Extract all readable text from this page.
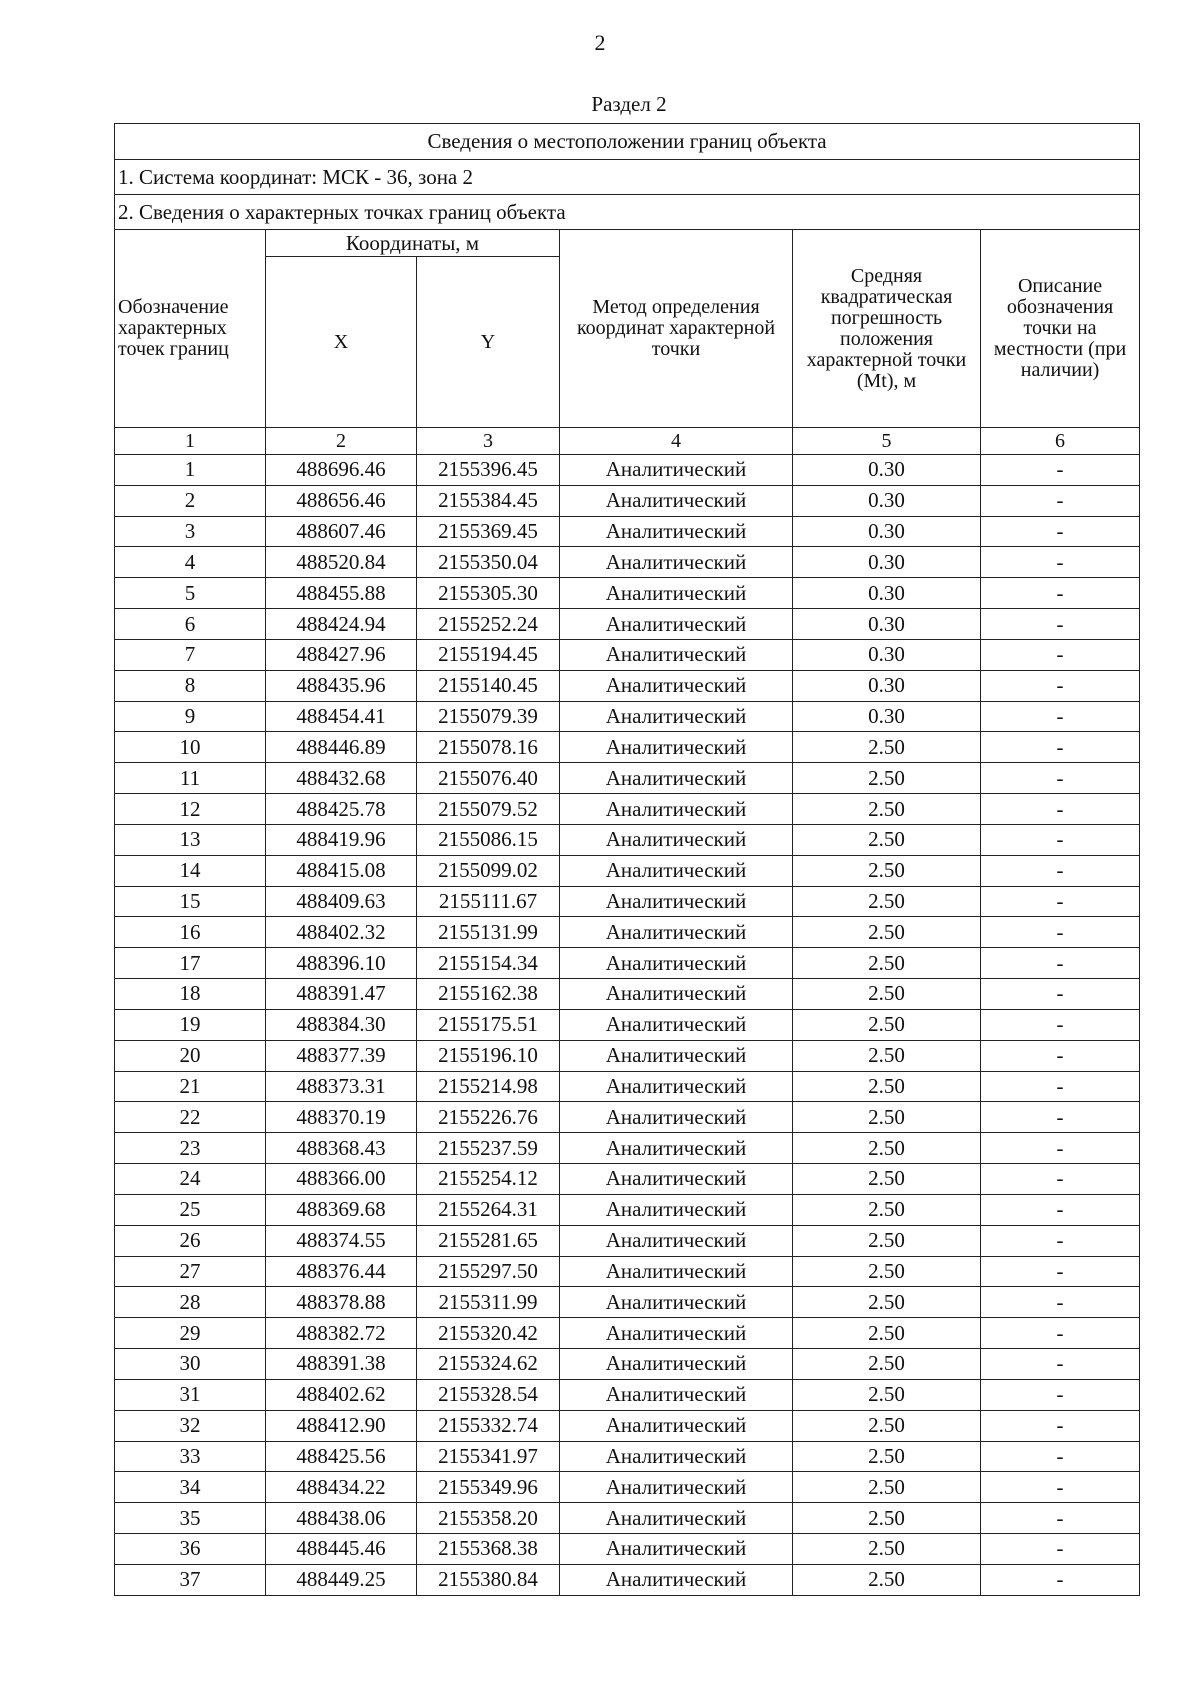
2
Раздел 2
Сведения о местоположении границ объекта					
1. Система координат: МСК - 36, зона 2					
2. Сведения о характерных точках границ объекта					
Обозначение характерных точек границ	Координаты, м		Метод определения координат характерной точки	Средняя квадратическая погрешность положения характерной точки (Mt), м	Описание обозначения точки на местности (при наличии)
	X	Y			
1	2	3	4	5	6
1	488696.46	2155396.45	Аналитический	0.30	-
2	488656.46	2155384.45	Аналитический	0.30	-
3	488607.46	2155369.45	Аналитический	0.30	-
4	488520.84	2155350.04	Аналитический	0.30	-
5	488455.88	2155305.30	Аналитический	0.30	-
6	488424.94	2155252.24	Аналитический	0.30	-
7	488427.96	2155194.45	Аналитический	0.30	-
8	488435.96	2155140.45	Аналитический	0.30	-
9	488454.41	2155079.39	Аналитический	0.30	-
10	488446.89	2155078.16	Аналитический	2.50	-
11	488432.68	2155076.40	Аналитический	2.50	-
12	488425.78	2155079.52	Аналитический	2.50	-
13	488419.96	2155086.15	Аналитический	2.50	-
14	488415.08	2155099.02	Аналитический	2.50	-
15	488409.63	2155111.67	Аналитический	2.50	-
16	488402.32	2155131.99	Аналитический	2.50	-
17	488396.10	2155154.34	Аналитический	2.50	-
18	488391.47	2155162.38	Аналитический	2.50	-
19	488384.30	2155175.51	Аналитический	2.50	-
20	488377.39	2155196.10	Аналитический	2.50	-
21	488373.31	2155214.98	Аналитический	2.50	-
22	488370.19	2155226.76	Аналитический	2.50	-
23	488368.43	2155237.59	Аналитический	2.50	-
24	488366.00	2155254.12	Аналитический	2.50	-
25	488369.68	2155264.31	Аналитический	2.50	-
26	488374.55	2155281.65	Аналитический	2.50	-
27	488376.44	2155297.50	Аналитический	2.50	-
28	488378.88	2155311.99	Аналитический	2.50	-
29	488382.72	2155320.42	Аналитический	2.50	-
30	488391.38	2155324.62	Аналитический	2.50	-
31	488402.62	2155328.54	Аналитический	2.50	-
32	488412.90	2155332.74	Аналитический	2.50	-
33	488425.56	2155341.97	Аналитический	2.50	-
34	488434.22	2155349.96	Аналитический	2.50	-
35	488438.06	2155358.20	Аналитический	2.50	-
36	488445.46	2155368.38	Аналитический	2.50	-
37	488449.25	2155380.84	Аналитический	2.50	-
